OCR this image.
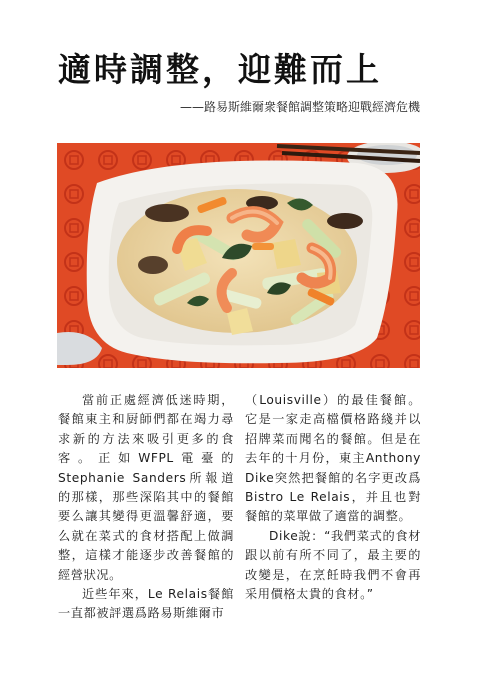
適時調整，迎難而上
——路易斯維爾衆餐館調整策略迎戰經濟危機

當前正處經濟低迷時期，餐館東主和厨師們都在竭力尋求新的方法來吸引更多的食客。正如WFPL電臺的Stephanie Sanders所報道的那樣，那些深陷其中的餐館要么讓其變得更溫馨舒適，要么就在菜式的食材搭配上做調整，這樣才能逐步改善餐館的經營狀况。

近些年來，Le Relais餐館一直都被評選爲路易斯維爾市

（Louisville）的最佳餐館。它是一家走高檔價格路綫并以招牌菜而聞名的餐館。但是在去年的十月份，東主Anthony Dike突然把餐館的名字更改爲Bistro Le Relais，并且也對餐館的菜單做了適當的調整。

Dike說：“我們菜式的食材跟以前有所不同了，最主要的改變是，在烹飪時我們不會再采用價格太貴的食材。”
